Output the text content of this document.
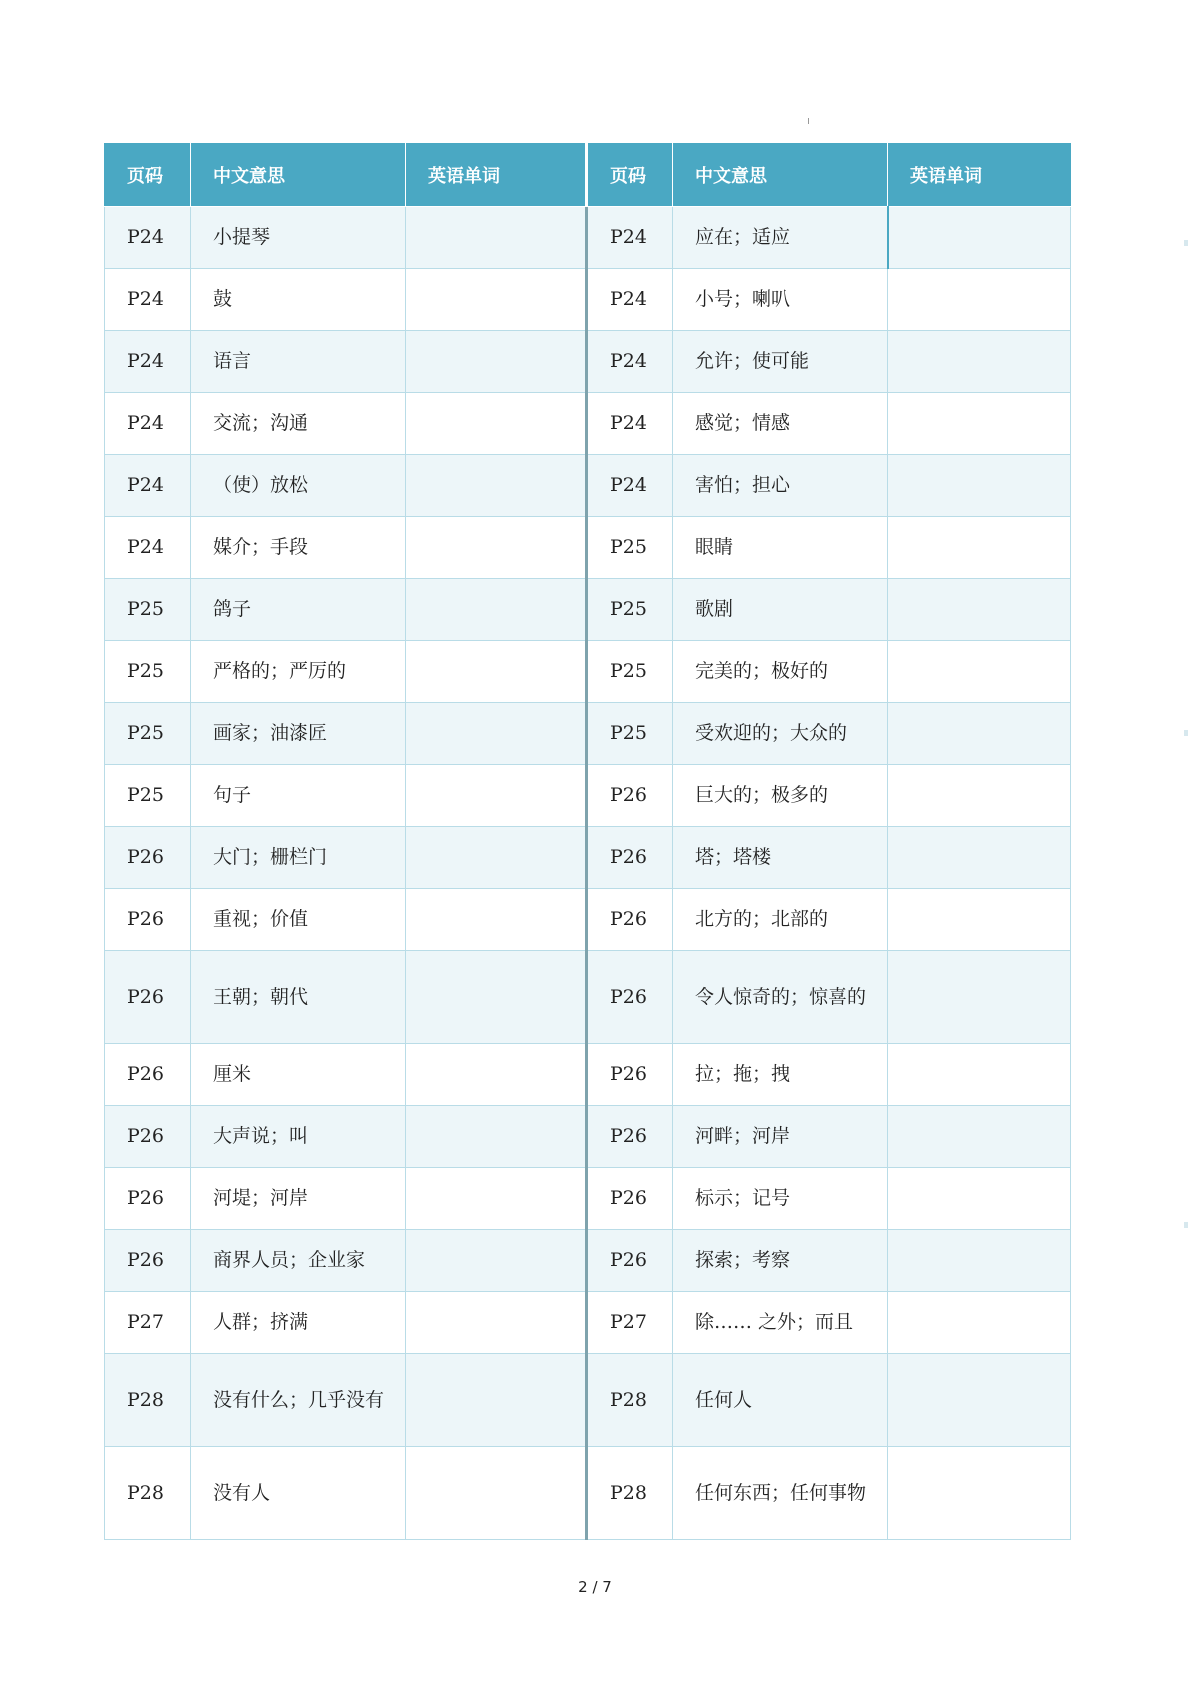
页码	中文意思	英语单词	页码	中文意思	英语单词
P24	小提琴		P24	应在；适应	
P24	鼓		P24	小号；喇叭	
P24	语言		P24	允许；使可能	
P24	交流；沟通		P24	感觉；情感	
P24	（使）放松		P24	害怕；担心	
P24	媒介；手段		P25	眼睛	
P25	鸽子		P25	歌剧	
P25	严格的；严厉的		P25	完美的；极好的	
P25	画家；油漆匠		P25	受欢迎的；大众的	
P25	句子		P26	巨大的；极多的	
P26	大门；栅栏门		P26	塔；塔楼	
P26	重视；价值		P26	北方的；北部的	
P26	王朝；朝代		P26	令人惊奇的；惊喜的	
P26	厘米		P26	拉；拖；拽	
P26	大声说；叫		P26	河畔；河岸	
P26	河堤；河岸		P26	标示；记号	
P26	商界人员；企业家		P26	探索；考察	
P27	人群；挤满		P27	除…… 之外；而且	
P28	没有什么；几乎没有		P28	任何人	
P28	没有人		P28	任何东西；任何事物	
2 / 7
